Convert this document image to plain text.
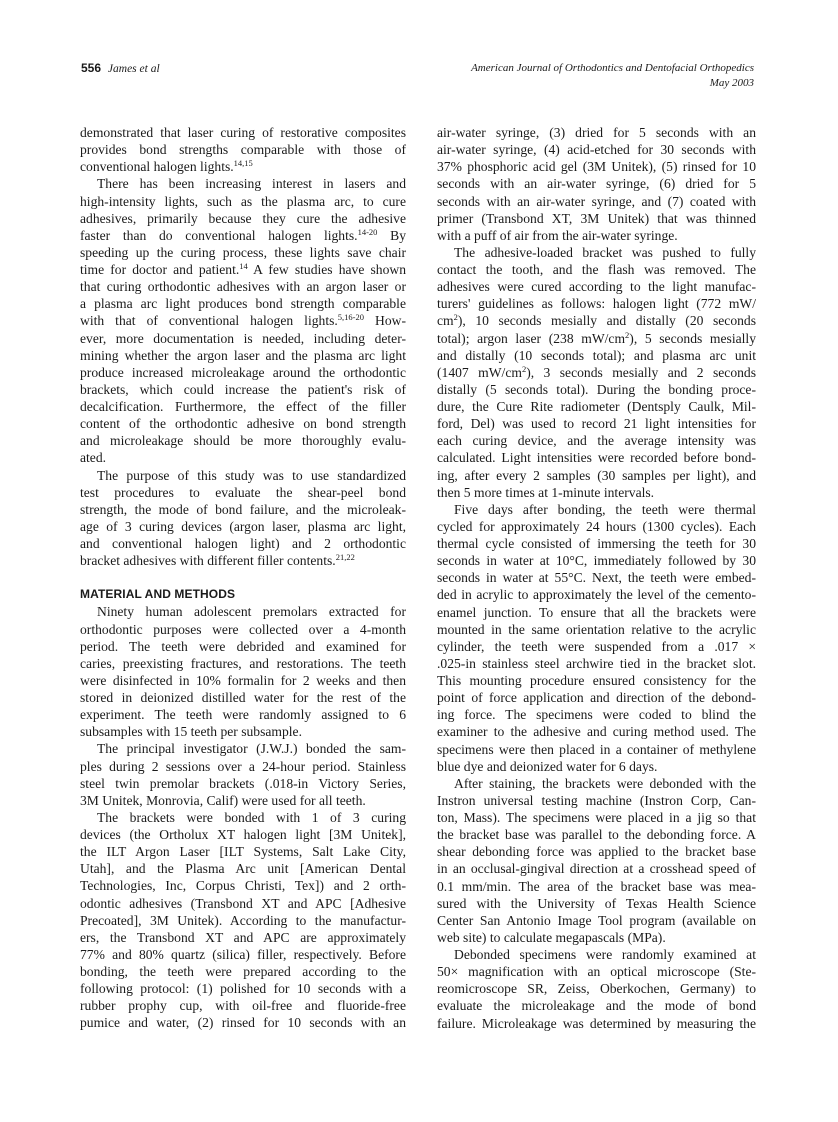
556 James et al	American Journal of Orthodontics and Dentofacial Orthopedics
May 2003
demonstrated that laser curing of restorative composites
provides bond strengths comparable with those of
conventional halogen lights.$^{14,15}$
There has been increasing interest in lasers and
high-intensity lights, such as the plasma arc, to cure
adhesives, primarily because they cure the adhesive
faster than do conventional halogen lights.$^{14-20}$ By
speeding up the curing process, these lights save chair
time for doctor and patient.$^{14}$ A few studies have shown
that curing orthodontic adhesives with an argon laser or
a plasma arc light produces bond strength comparable
with that of conventional halogen lights.$^{5,16-20}$ How-
ever, more documentation is needed, including deter-
mining whether the argon laser and the plasma arc light
produce increased microleakage around the orthodontic
brackets, which could increase the patient's risk of
decalcification. Furthermore, the effect of the filler
content of the orthodontic adhesive on bond strength
and microleakage should be more thoroughly evalu-
ated.
The purpose of this study was to use standardized
test procedures to evaluate the shear-peel bond
strength, the mode of bond failure, and the microleak-
age of 3 curing devices (argon laser, plasma arc light,
and conventional halogen light) and 2 orthodontic
bracket adhesives with different filler contents.$^{21,22}$
MATERIAL AND METHODS
Ninety human adolescent premolars extracted for
orthodontic purposes were collected over a 4-month
period. The teeth were debrided and examined for
caries, preexisting fractures, and restorations. The teeth
were disinfected in 10% formalin for 2 weeks and then
stored in deionized distilled water for the rest of the
experiment. The teeth were randomly assigned to 6
subsamples with 15 teeth per subsample.
The principal investigator (J.W.J.) bonded the sam-
ples during 2 sessions over a 24-hour period. Stainless
steel twin premolar brackets (.018-in Victory Series,
3M Unitek, Monrovia, Calif) were used for all teeth.
The brackets were bonded with 1 of 3 curing
devices (the Ortholux XT halogen light [3M Unitek],
the ILT Argon Laser [ILT Systems, Salt Lake City,
Utah], and the Plasma Arc unit [American Dental
Technologies, Inc, Corpus Christi, Tex]) and 2 orth-
odontic adhesives (Transbond XT and APC [Adhesive
Precoated], 3M Unitek). According to the manufactur-
ers, the Transbond XT and APC are approximately
77% and 80% quartz (silica) filler, respectively. Before
bonding, the teeth were prepared according to the
following protocol: (1) polished for 10 seconds with a
rubber prophy cup, with oil-free and fluoride-free
pumice and water, (2) rinsed for 10 seconds with an
air-water syringe, (3) dried for 5 seconds with an
air-water syringe, (4) acid-etched for 30 seconds with
37% phosphoric acid gel (3M Unitek), (5) rinsed for 10
seconds with an air-water syringe, (6) dried for 5
seconds with an air-water syringe, and (7) coated with
primer (Transbond XT, 3M Unitek) that was thinned
with a puff of air from the air-water syringe.
The adhesive-loaded bracket was pushed to fully
contact the tooth, and the flash was removed. The
adhesives were cured according to the light manufac-
turers' guidelines as follows: halogen light (772 mW/
$cm^2$), 10 seconds mesially and distally (20 seconds
total); argon laser (238 $mW/cm^2$), 5 seconds mesially
and distally (10 seconds total); and plasma arc unit
(1407 $mW/cm^2$), 3 seconds mesially and 2 seconds
distally (5 seconds total). During the bonding proce-
dure, the Cure Rite radiometer (Dentsply Caulk, Mil-
ford, Del) was used to record 21 light intensities for
each curing device, and the average intensity was
calculated. Light intensities were recorded before bond-
ing, after every 2 samples (30 samples per light), and
then 5 more times at 1-minute intervals.
Five days after bonding, the teeth were thermal
cycled for approximately 24 hours (1300 cycles). Each
thermal cycle consisted of immersing the teeth for 30
seconds in water at 10°C, immediately followed by 30
seconds in water at 55°C. Next, the teeth were embed-
ded in acrylic to approximately the level of the cemento-
enamel junction. To ensure that all the brackets were
mounted in the same orientation relative to the acrylic
cylinder, the teeth were suspended from a .017 ×
.025-in stainless steel archwire tied in the bracket slot.
This mounting procedure ensured consistency for the
point of force application and direction of the debond-
ing force. The specimens were coded to blind the
examiner to the adhesive and curing method used. The
specimens were then placed in a container of methylene
blue dye and deionized water for 6 days.
After staining, the brackets were debonded with the
Instron universal testing machine (Instron Corp, Can-
ton, Mass). The specimens were placed in a jig so that
the bracket base was parallel to the debonding force. A
shear debonding force was applied to the bracket base
in an occlusal-gingival direction at a crosshead speed of
0.1 mm/min. The area of the bracket base was mea-
sured with the University of Texas Health Science
Center San Antonio Image Tool program (available on
web site) to calculate megapascals (MPa).
Debonded specimens were randomly examined at
50× magnification with an optical microscope (Ste-
reomicroscope SR, Zeiss, Oberkochen, Germany) to
evaluate the microleakage and the mode of bond
failure. Microleakage was determined by measuring the
